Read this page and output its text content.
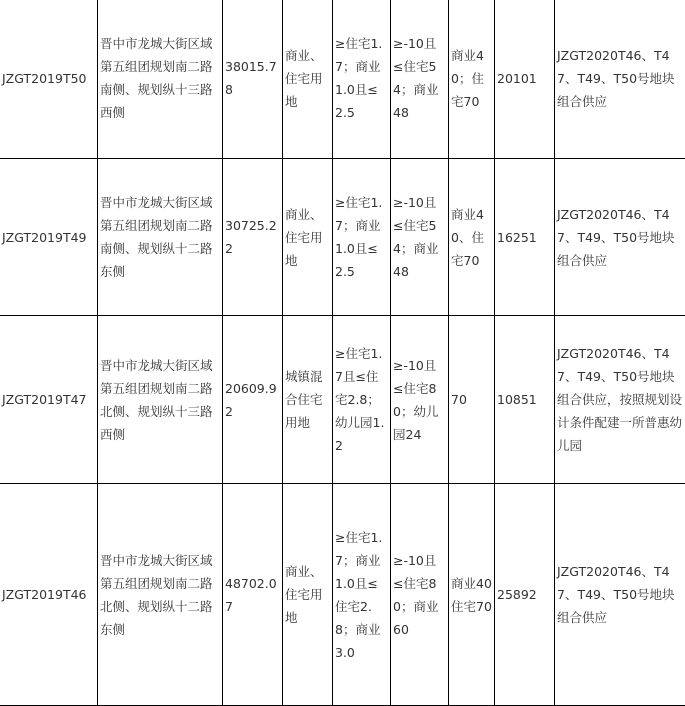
JZGT2019T50	晋中市龙城大街区域第五组团规划南二路南侧、规划纵十三路西侧	38015.78	商业、住宅用地	≥住宅1.7；商业1.0且≤2.5	≥-10且≤住宅54；商业48	商业40；住宅70	20101	JZGT2020T46、T47、T49、T50号地块组合供应
JZGT2019T49	晋中市龙城大街区域第五组团规划南二路南侧、规划纵十二路东侧	30725.22	商业、住宅用地	≥住宅1.7；商业1.0且≤2.5	≥-10且≤住宅54；商业48	商业40、住宅70	16251	JZGT2020T46、T47、T49、T50号地块组合供应
JZGT2019T47	晋中市龙城大街区域第五组团规划南二路北侧、规划纵十三路西侧	20609.92	城镇混合住宅用地	≥住宅1.7且≤住宅2.8；幼儿园1.2	≥-10且≤住宅80；幼儿园24	70	10851	JZGT2020T46、T47、T49、T50号地块组合供应，按照规划设计条件配建一所普惠幼儿园
JZGT2019T46	晋中市龙城大街区域第五组团规划南二路北侧、规划纵十二路东侧	48702.07	商业、住宅用地	≥住宅1.7；商业1.0且≤住宅2.8；商业3.0	≥-10且≤住宅80；商业60	商业40住宅70	25892	JZGT2020T46、T47、T49、T50号地块组合供应
